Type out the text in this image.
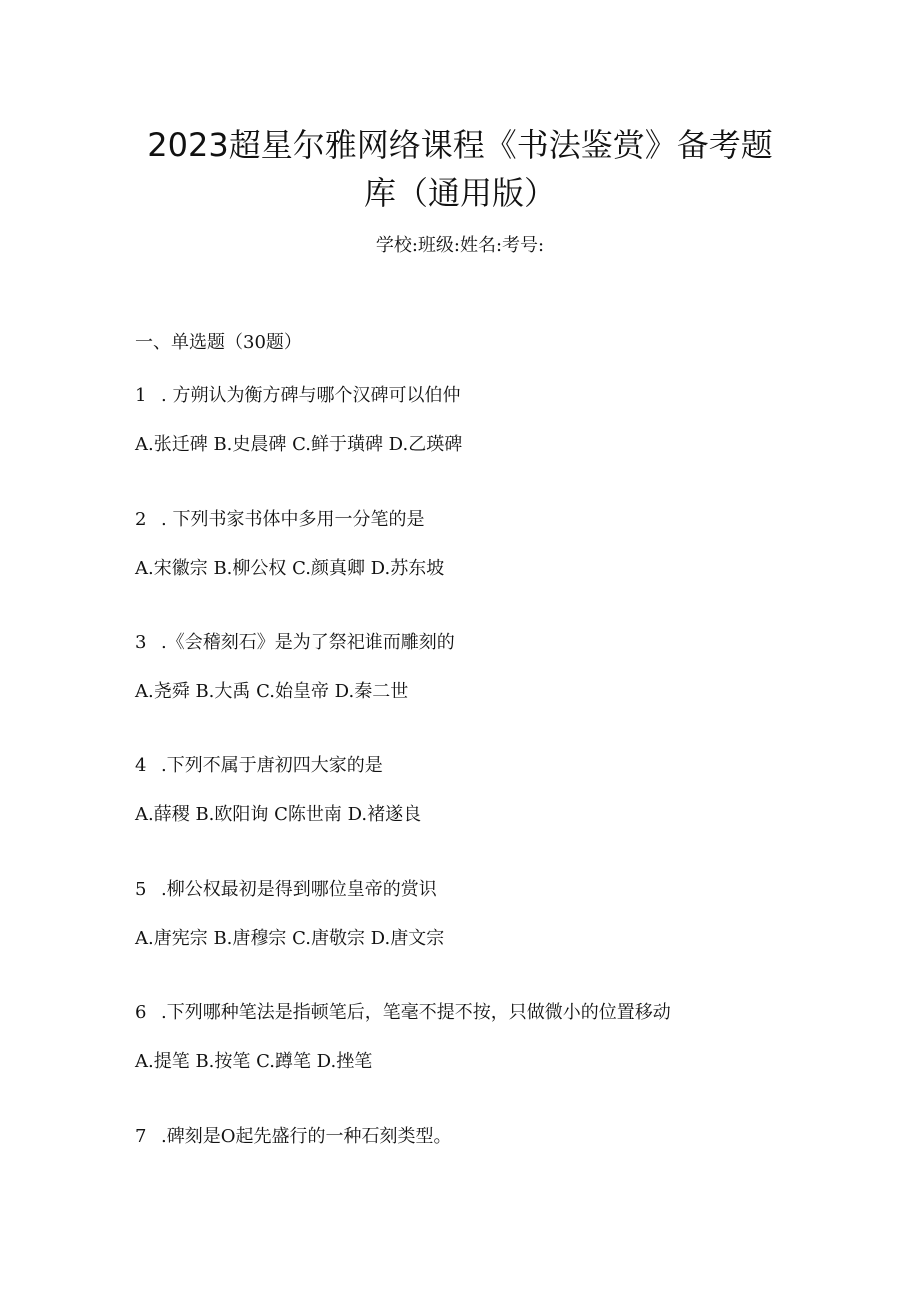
2023超星尔雅网络课程《书法鉴赏》备考题
库（通用版）
学校:班级:姓名:考号:
一、单选题（30题）
1 . 方朔认为衡方碑与哪个汉碑可以伯仲
A.张迁碑 B.史晨碑 C.鲜于璜碑 D.乙瑛碑
2 . 下列书家书体中多用一分笔的是
A.宋徽宗 B.柳公权 C.颜真卿 D.苏东坡
3 .《会稽刻石》是为了祭祀谁而雕刻的
A.尧舜 B.大禹 C.始皇帝 D.秦二世
4 .下列不属于唐初四大家的是
A.薛稷 B.欧阳询 C陈世南 D.褚遂良
5 .柳公权最初是得到哪位皇帝的赏识
A.唐宪宗 B.唐穆宗 C.唐敬宗 D.唐文宗
6 .下列哪种笔法是指顿笔后，笔毫不提不按，只做微小的位置移动
A.提笔 B.按笔 C.蹲笔 D.挫笔
7 .碑刻是O起先盛行的一种石刻类型。
